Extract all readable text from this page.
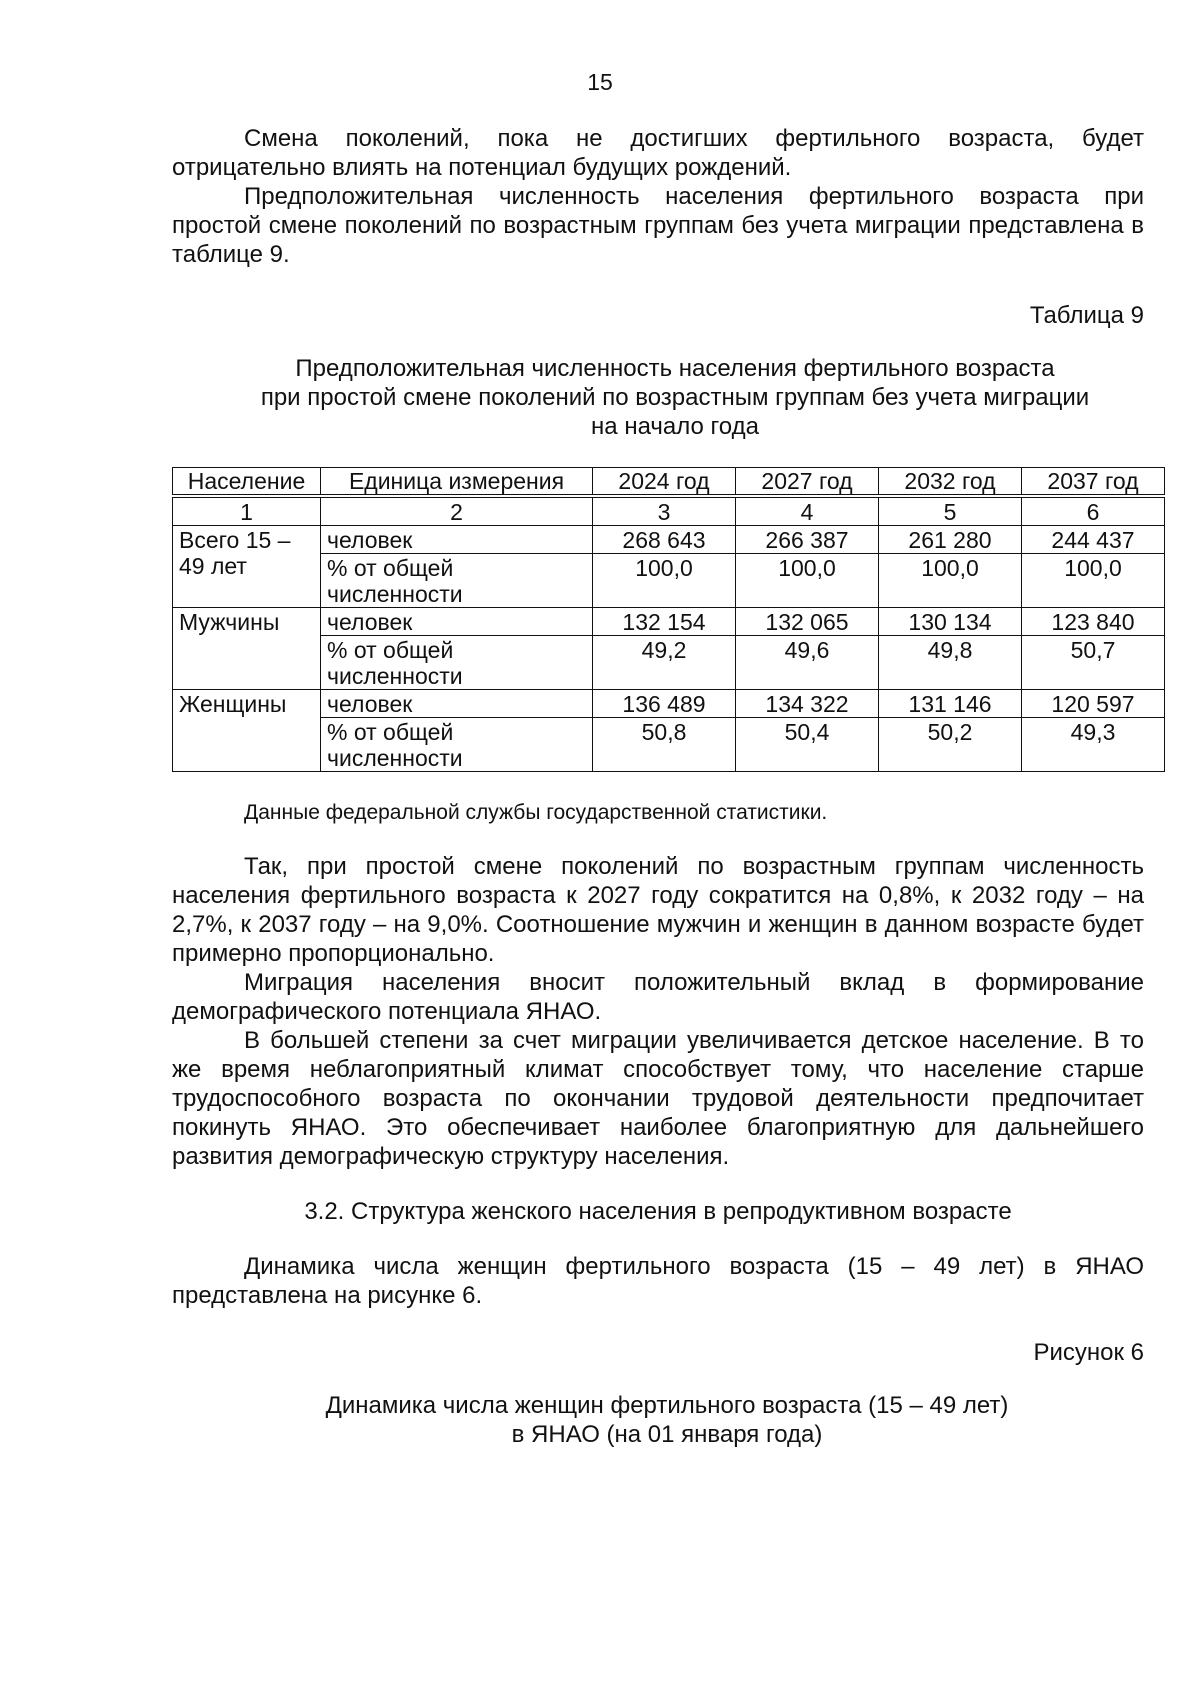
15

Смена поколений, пока не достигших фертильного возраста, будет отрицательно влиять на потенциал будущих рождений.

Предположительная численность населения фертильного возраста при простой смене поколений по возрастным группам без учета миграции представлена в таблице 9.

Таблица 9

Предположительная численность населения фертильного возраста
при простой смене поколений по возрастным группам без учета миграции
на начало года

Население	Единица измерения	2024 год	2027 год	2032 год	2037 год
1	2	3	4	5	6
Всего 15 – 49 лет	человек	268 643	266 387	261 280	244 437
	% от общей численности	100,0	100,0	100,0	100,0
Мужчины	человек	132 154	132 065	130 134	123 840
	% от общей численности	49,2	49,6	49,8	50,7
Женщины	человек	136 489	134 322	131 146	120 597
	% от общей численности	50,8	50,4	50,2	49,3

Данные федеральной службы государственной статистики.

Так, при простой смене поколений по возрастным группам численность населения фертильного возраста к 2027 году сократится на 0,8%, к 2032 году – на 2,7%, к 2037 году – на 9,0%. Соотношение мужчин и женщин в данном возрасте будет примерно пропорционально.

Миграция населения вносит положительный вклад в формирование демографического потенциала ЯНАО.

В большей степени за счет миграции увеличивается детское население. В то же время неблагоприятный климат способствует тому, что население старше трудоспособного возраста по окончании трудовой деятельности предпочитает покинуть ЯНАО. Это обеспечивает наиболее благоприятную для дальнейшего развития демографическую структуру населения.

3.2. Структура женского населения в репродуктивном возрасте

Динамика числа женщин фертильного возраста (15 – 49 лет) в ЯНАО представлена на рисунке 6.

Рисунок 6

Динамика числа женщин фертильного возраста (15 – 49 лет)
в ЯНАО (на 01 января года)
